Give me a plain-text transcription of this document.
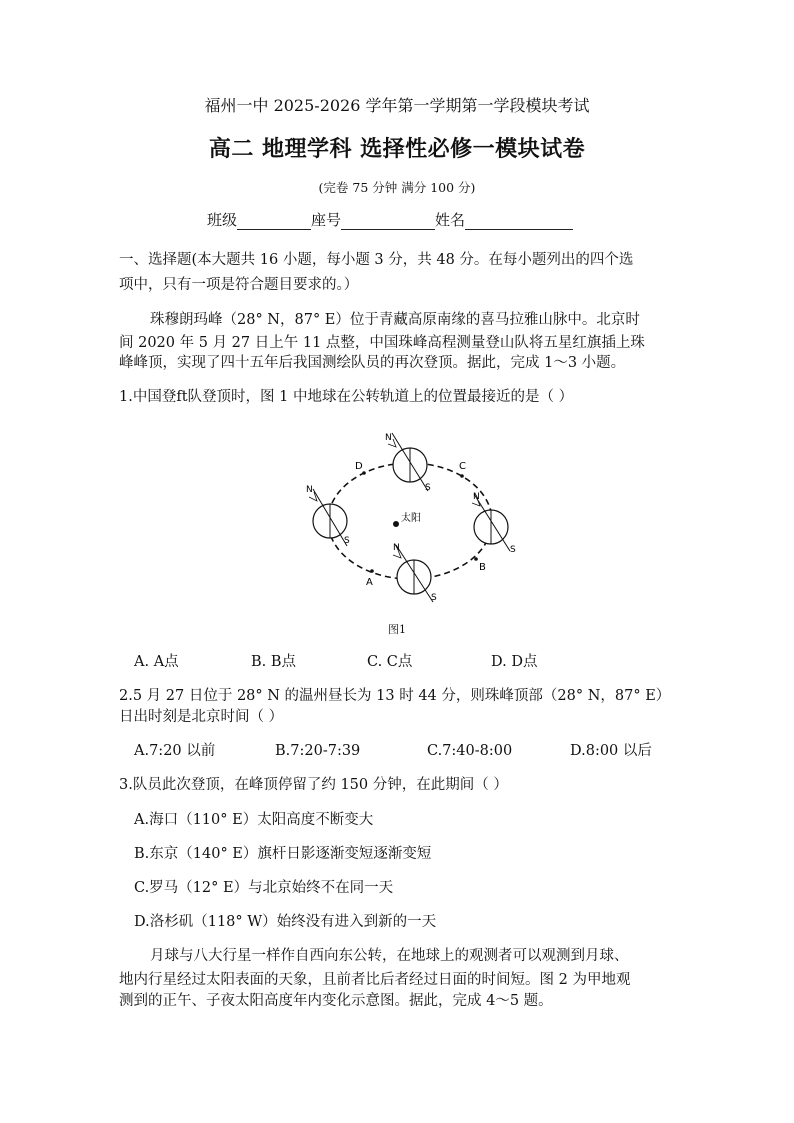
福州一中 2025-2026 学年第一学期第一学段模块考试
高二 地理学科 选择性必修一模块试卷
(完卷 75 分钟 满分 100 分)
班级	座号	姓名
一、选择题(本大题共 16 小题，每小题 3 分，共 48 分。在每小题列出的四个选
项中，只有一项是符合题目要求的。）
珠穆朗玛峰（28° N，87° E）位于青藏高原南缘的喜马拉雅山脉中。北京时
间 2020 年 5 月 27 日上午 11 点整，中国珠峰高程测量登山队将五星红旗插上珠
峰峰顶，实现了四十五年后我国测绘队员的再次登顶。据此，完成 1～3 小题。
1.中国登ft队登顶时，图 1 中地球在公转轨道上的位置最接近的是（ ）
太阳
N
S
N
S
N
S
N
S
D	C
A
B
图1
A. A点	B. B点	C. C点	D. D点
2.5 月 27 日位于 28° N 的温州昼长为 13 时 44 分，则珠峰顶部（28° N，87° E）
日出时刻是北京时间（ ）
A.7:20 以前	B.7:20-7:39	C.7:40-8:00	D.8:00 以后
3.队员此次登顶，在峰顶停留了约 150 分钟，在此期间（ ）
A.海口（110° E）太阳高度不断变大
B.东京（140° E）旗杆日影逐渐变短逐渐变短
C.罗马（12° E）与北京始终不在同一天
D.洛杉矶（118° W）始终没有进入到新的一天
月球与八大行星一样作自西向东公转，在地球上的观测者可以观测到月球、
地内行星经过太阳表面的天象，且前者比后者经过日面的时间短。图 2 为甲地观
测到的正午、子夜太阳高度年内变化示意图。据此，完成 4～5 题。
